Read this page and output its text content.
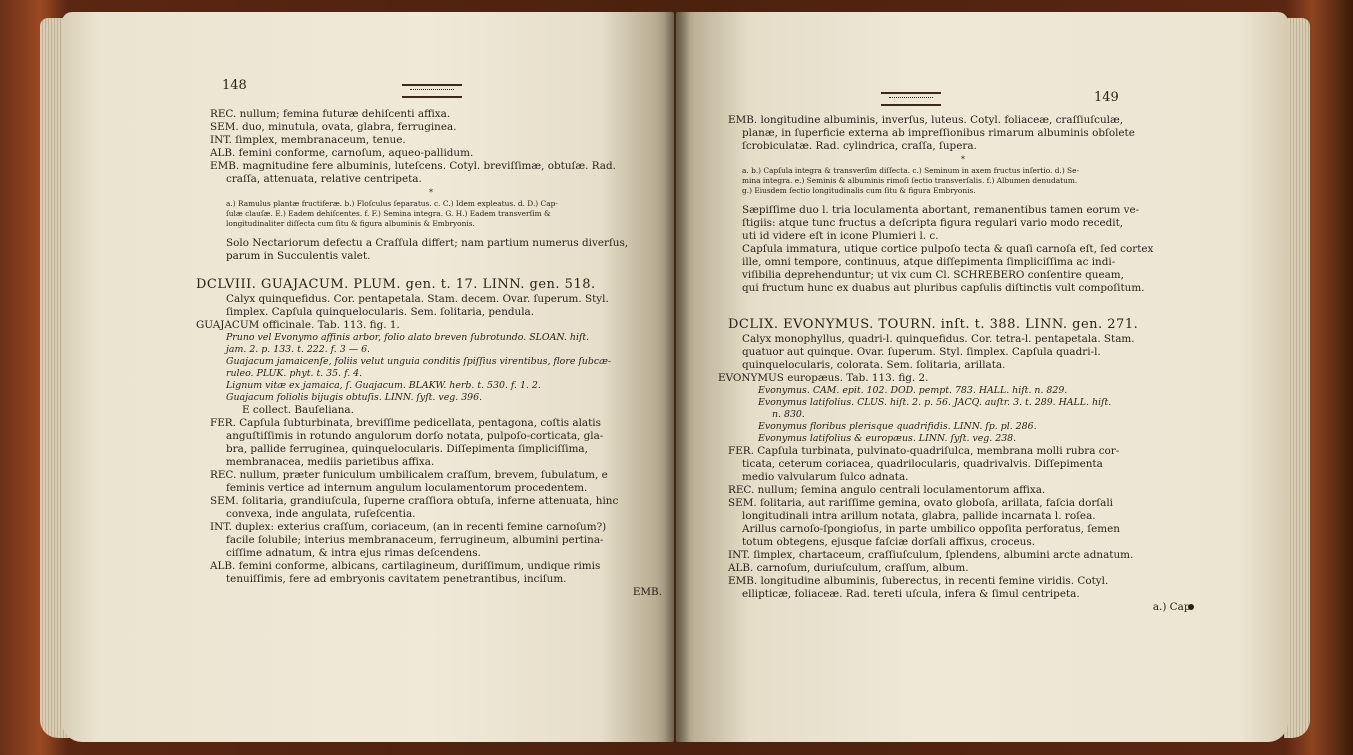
148

REC. nullum; femina futuræ dehiſcenti affixa.

SEM. duo, minutula, ovata, glabra, ferruginea.

INT. ſimplex, membranaceum, tenue.

ALB. femini conforme, carnoſum, aqueo-pallidum.

EMB. magnitudine fere albuminis, luteſcens. Cotyl. breviſſimæ, obtuſæ. Rad.

craſſa, attenuata, relative centripeta.

*

a.) Ramulus plantæ fructiferæ. b.) Floſculus ſeparatus. c. C.) Idem expleatus. d. D.) Cap-

ſulæ clauſæ. E.) Eadem dehiſcentes. f. F.) Semina integra. G. H.) Eadem transverſim &

longitudinaliter diſſecta cum ſitu & figura albuminis & Embryonis.

Solo Nectariorum defectu a Craſſula differt; nam partium numerus diverſus,

parum in Succulentis valet.

DCLVIII. GUAJACUM. PLUM. gen. t. 17. LINN. gen. 518.

Calyx quinquefidus. Cor. pentapetala. Stam. decem. Ovar. ſuperum. Styl.

ſimplex. Capſula quinquelocularis. Sem. ſolitaria, pendula.

GUAJACUM officinale. Tab. 113. fig. 1.

Pruno vel Evonymo affinis arbor, folio alato breven ſubrotundo. SLOAN. hiſt.

jam. 2. p. 133. t. 222. f. 3 — 6.

Guajacum jamaicenſe, foliis velut unguia conditis ſpiſſius virentibus, flore ſubcæ-

ruleo. PLUK. phyt. t. 35. f. 4.

Lignum vitæ ex jamaica, ſ. Guajacum. BLAKW. herb. t. 530. f. 1. 2.

Guajacum foliolis bijugis obtuſis. LINN. ſyſt. veg. 396.

E collect. Bauſeliana.

FER. Capſula ſubturbinata, breviſſime pedicellata, pentagona, coſtis alatis

anguſtiſſimis in rotundo angulorum dorſo notata, pulpoſo-corticata, gla-

bra, pallide ferruginea, quinquelocularis. Diſſepimenta ſimpliciſſima,

membranacea, mediis parietibus affixa.

REC. nullum, præter funiculum umbilicalem craſſum, brevem, ſubulatum, e

feminis vertice ad internum angulum loculamentorum procedentem.

SEM. ſolitaria, grandiuſcula, ſuperne craſſiora obtuſa, inferne attenuata, hinc

convexa, inde angulata, ruſeſcentia.

INT. duplex: exterius craſſum, coriaceum, (an in recenti femine carnoſum?)

facile ſolubile; interius membranaceum, ferrugineum, albumini pertina-

ciſſime adnatum, & intra ejus rimas deſcendens.

ALB. femini conforme, albicans, cartilagineum, duriſſimum, undique rimis

tenuiſſimis, fere ad embryonis cavitatem penetrantibus, inciſum.

EMB.

149

EMB. longitudine albuminis, inverſus, luteus. Cotyl. foliaceæ, craſſiuſculæ,

planæ, in ſuperficie externa ab impreſſionibus rimarum albuminis obſolete

ſcrobiculatæ. Rad. cylindrica, craſſa, ſupera.

*

a. b.) Capſula integra & transverſim diſſecta. c.) Seminum in axem fructus inſertio. d.) Se-

mina integra. e.) Seminis & albuminis rimoſi ſectio transverſalis. f.) Albumen denudatum.

g.) Eiusdem ſectio longitudinalis cum ſitu & figura Embryonis.

Sæpiſſime duo l. tria loculamenta abortant, remanentibus tamen eorum ve-

ſtigiis: atque tunc fructus a deſcripta figura regulari vario modo recedit,

uti id videre eſt in icone Plumieri l. c.

Capſula immatura, utique cortice pulpoſo tecta & quaſi carnoſa eſt, ſed cortex

ille, omni tempore, continuus, atque diſſepimenta ſimpliciſſima ac indi-

viſibilia deprehenduntur; ut vix cum Cl. SCHREBERO conſentire queam,

qui fructum hunc ex duabus aut pluribus capſulis diſtinctis vult compoſitum.

DCLIX. EVONYMUS. TOURN. inſt. t. 388. LINN. gen. 271.

Calyx monophyllus, quadri-l. quinquefidus. Cor. tetra-l. pentapetala. Stam.

quatuor aut quinque. Ovar. ſuperum. Styl. ſimplex. Capſula quadri-l.

quinquelocularis, colorata. Sem. ſolitaria, arillata.

EVONYMUS europæus. Tab. 113. fig. 2.

Evonymus. CAM. epit. 102. DOD. pempt. 783. HALL. hiſt. n. 829.

Evonymus latifolius. CLUS. hiſt. 2. p. 56. JACQ. auſtr. 3. t. 289. HALL. hiſt.

n. 830.

Evonymus floribus plerisque quadrifidis. LINN. ſp. pl. 286.

Evonymus latifolius & europæus. LINN. ſyſt. veg. 238.

FER. Capſula turbinata, pulvinato-quadriſulca, membrana molli rubra cor-

ticata, ceterum coriacea, quadrilocularis, quadrivalvis. Diſſepimenta

medio valvularum ſulco adnata.

REC. nullum; ſemina angulo centrali loculamentorum affixa.

SEM. ſolitaria, aut rariſſime gemina, ovato globoſa, arillata, faſcia dorſali

longitudinali intra arillum notata, glabra, pallide incarnata l. roſea.

Arillus carnoſo-ſpongioſus, in parte umbilico oppoſita perforatus, ſemen

totum obtegens, ejusque faſciæ dorſali affixus, croceus.

INT. ſimplex, chartaceum, craſſiuſculum, ſplendens, albumini arcte adnatum.

ALB. carnoſum, duriuſculum, craſſum, album.

EMB. longitudine albuminis, ſuberectus, in recenti femine viridis. Cotyl.

ellipticæ, foliaceæ. Rad. tereti uſcula, infera & ſimul centripeta.

a.) Cap-
